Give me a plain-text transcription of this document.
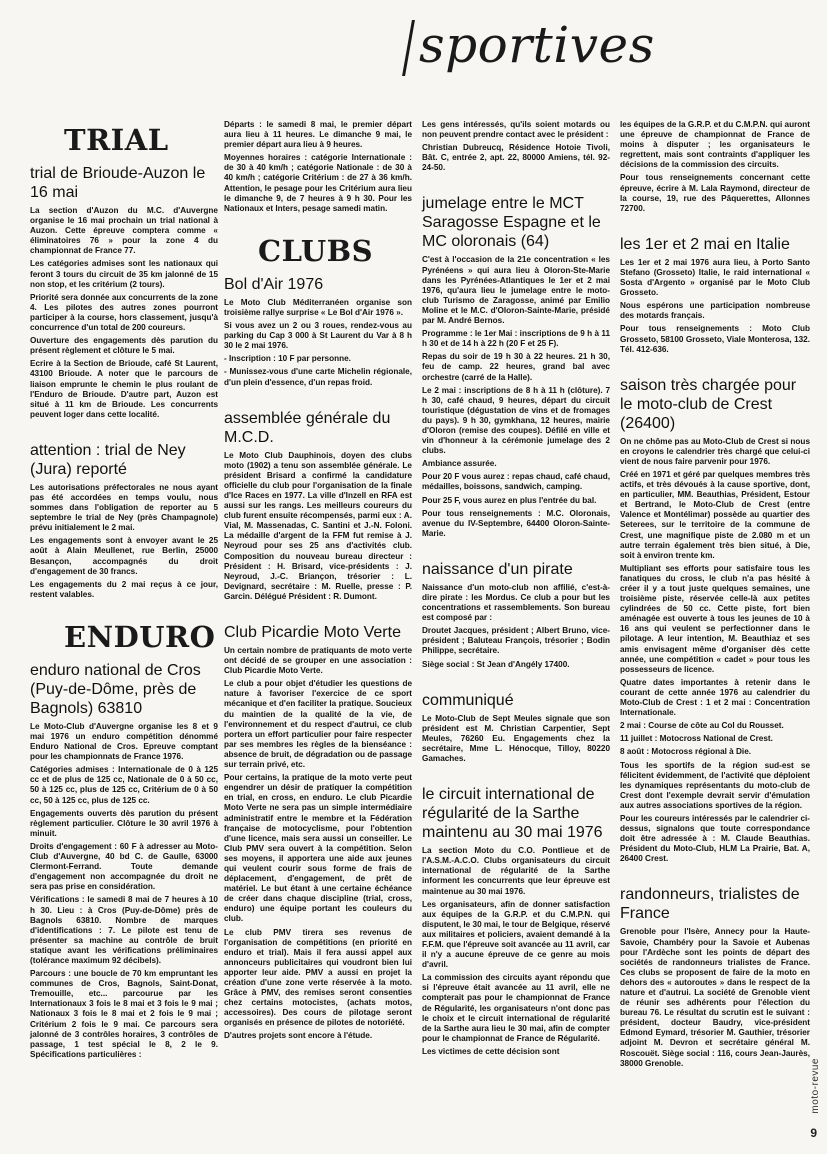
sportives
TRIAL
trial de Brioude-Auzon le 16 mai

La section d'Auzon du M.C. d'Auvergne organise le 16 mai prochain un trial national à Auzon. Cette épreuve comptera comme « éliminatoires 76 » pour la zone 4 du championnat de France 77.

Les catégories admises sont les nationaux qui feront 3 tours du circuit de 35 km jalonné de 15 non stop, et les critérium (2 tours).

Priorité sera donnée aux concurrents de la zone 4. Les pilotes des autres zones pourront participer à la course, hors classement, jusqu'à concurrence d'un total de 200 coureurs.

Ouverture des engagements dès parution du présent règlement et clôture le 5 mai.

Ecrire à la Section de Brioude, café St Laurent, 43100 Brioude. A noter que le parcours de liaison emprunte le chemin le plus roulant de l'Enduro de Brioude. D'autre part, Auzon est situé à 11 km de Brioude. Les concurrents peuvent loger dans cette localité.

attention : trial de Ney (Jura) reporté

Les autorisations préfectorales ne nous ayant pas été accordées en temps voulu, nous sommes dans l'obligation de reporter au 5 septembre le trial de Ney (près Champagnole) prévu initialement le 2 mai.

Les engagements sont à envoyer avant le 25 août à Alain Meullenet, rue Berlin, 25000 Besançon, accompagnés du droit d'engagement de 30 francs.

Les engagements du 2 mai reçus à ce jour, restent valables.

ENDURO
enduro national de Cros (Puy-de-Dôme, près de Bagnols) 63810

Le Moto-Club d'Auvergne organise les 8 et 9 mai 1976 un enduro compétition dénommé Enduro National de Cros. Epreuve comptant pour les championnats de France 1976.

Catégories admises : Internationale de 0 à 125 cc et de plus de 125 cc, Nationale de 0 à 50 cc, 50 à 125 cc, plus de 125 cc, Critérium de 0 à 50 cc, 50 à 125 cc, plus de 125 cc.

Engagements ouverts dès parution du présent règlement particulier. Clôture le 30 avril 1976 à minuit.

Droits d'engagement : 60 F à adresser au Moto-Club d'Auvergne, 40 bd C. de Gaulle, 63000 Clermont-Ferrand. Toute demande d'engagement non accompagnée du droit ne sera pas prise en considération.

Vérifications : le samedi 8 mai de 7 heures à 10 h 30. Lieu : à Cros (Puy-de-Dôme) près de Bagnols 63810. Nombre de marques d'identifications : 7. Le pilote est tenu de présenter sa machine au contrôle de bruit statique avant les vérifications préliminaires (tolérance maximum 92 décibels).

Parcours : une boucle de 70 km empruntant les communes de Cros, Bagnols, Saint-Donat, Tremouille, etc... parcourue par les Internationaux 3 fois le 8 mai et 3 fois le 9 mai ; Nationaux 3 fois le 8 mai et 2 fois le 9 mai ; Critérium 2 fois le 9 mai. Ce parcours sera jalonné de 3 contrôles horaires, 3 contrôles de passage, 1 test spécial le 8, 2 le 9. Spécifications particulières :

Départs : le samedi 8 mai, le premier départ aura lieu à 11 heures. Le dimanche 9 mai, le premier départ aura lieu à 9 heures.

Moyennes horaires : catégorie Internationale : de 30 à 40 km/h ; catégorie Nationale : de 30 à 40 km/h ; catégorie Critérium : de 27 à 36 km/h. Attention, le pesage pour les Critérium aura lieu le dimanche 9, de 7 heures à 9 h 30. Pour les Nationaux et Inters, pesage samedi matin.

CLUBS
Bol d'Air 1976

Le Moto Club Méditerranéen organise son troisième rallye surprise « Le Bol d'Air 1976 ».

Si vous avez un 2 ou 3 roues, rendez-vous au parking du Cap 3 000 à St Laurent du Var à 8 h 30 le 2 mai 1976.

- Inscription : 10 F par personne.

- Munissez-vous d'une carte Michelin régionale, d'un plein d'essence, d'un repas froid.

assemblée générale du M.C.D.

Le Moto Club Dauphinois, doyen des clubs moto (1902) a tenu son assemblée générale. Le président Brisard a confirmé la candidature officielle du club pour l'organisation de la finale d'Ice Races en 1977. La ville d'Inzell en RFA est aussi sur les rangs. Les meilleurs coureurs du club furent ensuite récompensés, parmi eux : A. Vial, M. Massenadas, C. Santini et J.-N. Foloni. La médaille d'argent de la FFM fut remise à J. Neyroud pour ses 25 ans d'activités club. Composition du nouveau bureau directeur : Président : H. Brisard, vice-présidents : J. Neyroud, J.-C. Briançon, trésorier : L. Devignard, secrétaire : M. Ruelle, presse : P. Garcin. Délégué Président : R. Dumont.

Club Picardie Moto Verte

Un certain nombre de pratiquants de moto verte ont décidé de se grouper en une association : Club Picardie Moto Verte.

Le club a pour objet d'étudier les questions de nature à favoriser l'exercice de ce sport mécanique et d'en faciliter la pratique. Soucieux du maintien de la qualité de la vie, de l'environnement et du respect d'autrui, ce club portera un effort particulier pour faire respecter par ses membres les règles de la bienséance : absence de bruit, de dégradation ou de passage sur terrain privé, etc.

Pour certains, la pratique de la moto verte peut engendrer un désir de pratiquer la compétition en trial, en cross, en enduro. Le club Picardie Moto Verte ne sera pas un simple intermédiaire administratif entre le membre et la Fédération française de motocyclisme, pour l'obtention d'une licence, mais sera aussi un conseiller. Le Club PMV sera ouvert à la compétition. Selon ses moyens, il apportera une aide aux jeunes qui veulent courir sous forme de frais de déplacement, d'engagement, de prêt de matériel. Le but étant à une certaine échéance de créer dans chaque discipline (trial, cross, enduro) une équipe portant les couleurs du club.

Le club PMV tirera ses revenus de l'organisation de compétitions (en priorité en enduro et trial). Mais il fera aussi appel aux annonceurs publicitaires qui voudront bien lui apporter leur aide. PMV a aussi en projet la création d'une zone verte réservée à la moto. Grâce à PMV, des remises seront consenties chez certains motocistes, (achats motos, accessoires). Des cours de pilotage seront organisés en présence de pilotes de notoriété.

D'autres projets sont encore à l'étude.

Les gens intéressés, qu'ils soient motards ou non peuvent prendre contact avec le président :

Christian Dubreucq, Résidence Hotoie Tivoli, Bât. C, entrée 2, apt. 22, 80000 Amiens, tél. 92-24-50.

jumelage entre le MCT Saragosse Espagne et le MC oloronais (64)

C'est à l'occasion de la 21e concentration « les Pyrénéens » qui aura lieu à Oloron-Ste-Marie dans les Pyrénées-Atlantiques le 1er et 2 mai 1976, qu'aura lieu le jumelage entre le moto-club Turismo de Zaragosse, animé par Emilio Moline et le M.C. d'Oloron-Sainte-Marie, présidé par M. André Bernos.

Programme : le 1er Mai : inscriptions de 9 h à 11 h 30 et de 14 h à 22 h (20 F et 25 F).

Repas du soir de 19 h 30 à 22 heures. 21 h 30, feu de camp. 22 heures, grand bal avec orchestre (carré de la Halle).

Le 2 mai : inscriptions de 8 h à 11 h (clôture). 7 h 30, café chaud, 9 heures, départ du circuit touristique (dégustation de vins et de fromages du pays). 9 h 30, gymkhana, 12 heures, mairie d'Oloron (remise des coupes). Défilé en ville et vin d'honneur à la cérémonie jumelage des 2 clubs.

Ambiance assurée.

Pour 20 F vous aurez : repas chaud, café chaud, médailles, boissons, sandwich, camping.

Pour 25 F, vous aurez en plus l'entrée du bal.

Pour tous renseignements : M.C. Oloronais, avenue du IV-Septembre, 64400 Oloron-Sainte-Marie.

naissance d'un pirate

Naissance d'un moto-club non affilié, c'est-à-dire pirate : les Mordus. Ce club a pour but les concentrations et rassemblements. Son bureau est composé par :

Droutet Jacques, président ; Albert Bruno, vice-président ; Baluteau François, trésorier ; Bodin Philippe, secrétaire.

Siège social : St Jean d'Angély 17400.

communiqué

Le Moto-Club de Sept Meules signale que son président est M. Christian Carpentier, Sept Meules, 76260 Eu. Engagements chez la secrétaire, Mme L. Hénocque, Tilloy, 80220 Gamaches.

le circuit international de régularité de la Sarthe maintenu au 30 mai 1976

La section Moto du C.O. Pontlieue et de l'A.S.M.-A.C.O. Clubs organisateurs du circuit international de régularité de la Sarthe informent les concurrents que leur épreuve est maintenue au 30 mai 1976.

Les organisateurs, afin de donner satisfaction aux équipes de la G.R.P. et du C.M.P.N. qui disputent, le 30 mai, le tour de Belgique, réservé aux militaires et policiers, avaient demandé à la F.F.M. que l'épreuve soit avancée au 11 avril, car il n'y a aucune épreuve de ce genre au mois d'avril.

La commission des circuits ayant répondu que si l'épreuve était avancée au 11 avril, elle ne compterait pas pour le championnat de France de Régularité, les organisateurs n'ont donc pas le choix et le circuit international de régularité de la Sarthe aura lieu le 30 mai, afin de compter pour le championnat de France de Régularité.

Les victimes de cette décision sont

les équipes de la G.R.P. et du C.M.P.N. qui auront une épreuve de championnat de France de moins à disputer ; les organisateurs le regrettent, mais sont contraints d'appliquer les décisions de la commission des circuits.

Pour tous renseignements concernant cette épreuve, écrire à M. Lala Raymond, directeur de la course, 19, rue des Pâquerettes, Allonnes 72700.

les 1er et 2 mai en Italie

Les 1er et 2 mai 1976 aura lieu, à Porto Santo Stefano (Grosseto) Italie, le raid international « Sosta d'Argento » organisé par le Moto Club Grosseto.

Nous espérons une participation nombreuse des motards français.

Pour tous renseignements : Moto Club Grosseto, 58100 Grosseto, Viale Monterosa, 132. Tél. 412-636.

saison très chargée pour le moto-club de Crest (26400)

On ne chôme pas au Moto-Club de Crest si nous en croyons le calendrier très chargé que celui-ci vient de nous faire parvenir pour 1976.

Créé en 1971 et géré par quelques membres très actifs, et très dévoués à la cause sportive, dont, en particulier, MM. Beauthias, Président, Estour et Bertrand, le Moto-Club de Crest (entre Valence et Montélimar) possède au quartier des Seterees, sur le territoire de la commune de Crest, une magnifique piste de 2.080 m et un autre terrain également très bien situé, à Die, soit à environ trente km.

Multipliant ses efforts pour satisfaire tous les fanatiques du cross, le club n'a pas hésité à créer il y a tout juste quelques semaines, une troisième piste, réservée celle-là aux petites cylindrées de 50 cc. Cette piste, fort bien aménagée est ouverte à tous les jeunes de 10 à 16 ans qui veulent se perfectionner dans le pilotage. A leur intention, M. Beauthiaz et ses amis envisagent même d'organiser dès cette année, une compétition « cadet » pour tous les possesseurs de licence.

Quatre dates importantes à retenir dans le courant de cette année 1976 au calendrier du Moto-Club de Crest : 1 et 2 mai : Concentration Internationale.

2 mai : Course de côte au Col du Rousset.

11 juillet : Motocross National de Crest.

8 août : Motocross régional à Die.

Tous les sportifs de la région sud-est se félicitent évidemment, de l'activité que déploient les dynamiques représentants du moto-club de Crest dont l'exemple devrait servir d'émulation aux autres associations sportives de la région.

Pour les coureurs intéressés par le calendrier ci-dessus, signalons que toute correspondance doit être adressée à : M. Claude Beauthias. Président du Moto-Club, HLM La Prairie, Bat. A, 26400 Crest.

randonneurs, trialistes de France

Grenoble pour l'Isère, Annecy pour la Haute-Savoie, Chambéry pour la Savoie et Aubenas pour l'Ardèche sont les points de départ des sociétés de randonneurs trialistes de France. Ces clubs se proposent de faire de la moto en dehors des « autoroutes » dans le respect de la nature et d'autrui. La société de Grenoble vient de réunir ses adhérents pour l'élection du bureau 76. Le résultat du scrutin est le suivant : président, docteur Baudry, vice-président Edmond Eymard, trésorier M. Gauthier, trésorier adjoint M. Devron et secrétaire général M. Roscouët. Siège social : 116, cours Jean-Jaurès, 38000 Grenoble.	moto-revue
9
